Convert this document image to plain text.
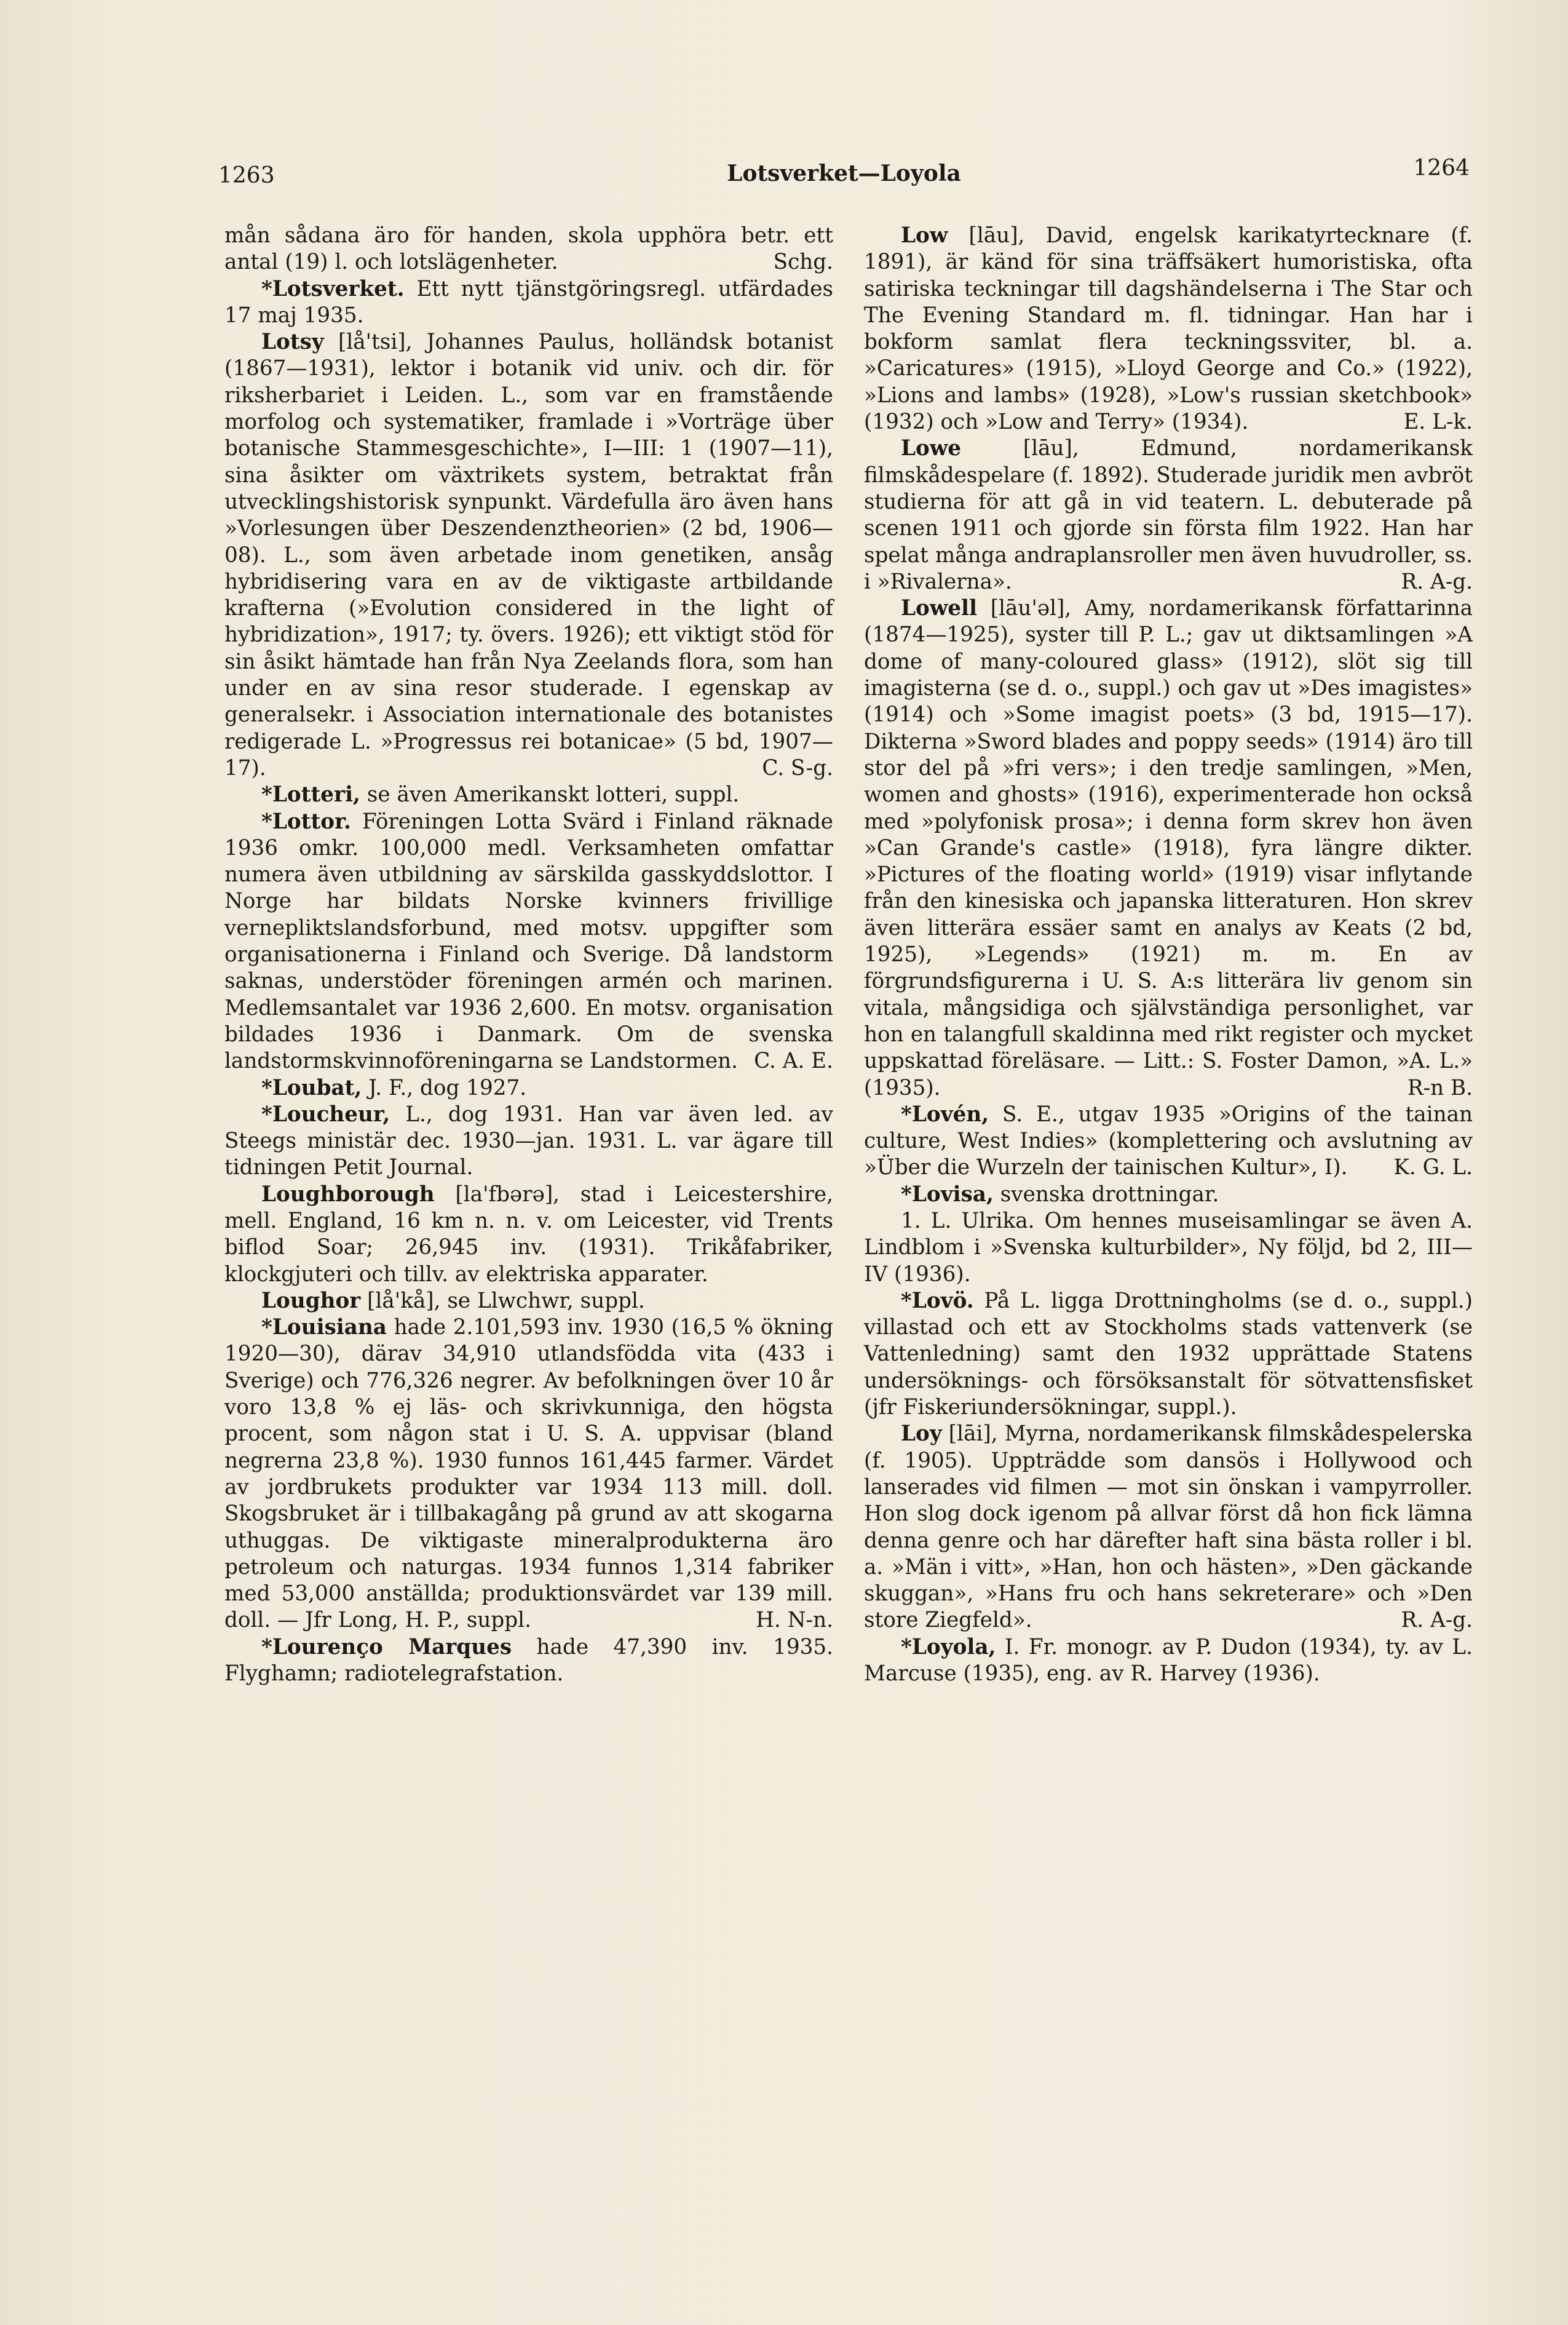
1263	Lotsverket—Loyola	1264

mån sådana äro för handen, skola upphöra betr. ett antal (19) l. och lotslägenheter.	Schg.

*Lotsverket. Ett nytt tjänstgöringsregl. utfärdades 17 maj 1935.

Lotsy [lå'tsi], Johannes Paulus, holländsk botanist (1867—1931), lektor i botanik vid univ. och dir. för riksherbariet i Leiden. L., som var en framstående morfolog och systematiker, framlade i »Vorträge über botanische Stammesgeschichte», I—III: 1 (1907—11), sina åsikter om växtrikets system, betraktat från utvecklingshistorisk synpunkt. Värdefulla äro även hans »Vorlesungen über Deszendenztheorien» (2 bd, 1906—08). L., som även arbetade inom genetiken, ansåg hybridisering vara en av de viktigaste artbildande krafterna (»Evolution considered in the light of hybridization», 1917; ty. övers. 1926); ett viktigt stöd för sin åsikt hämtade han från Nya Zeelands flora, som han under en av sina resor studerade. I egenskap av generalsekr. i Association internationale des botanistes redigerade L. »Progressus rei botanicae» (5 bd, 1907—17).	C. S-g.

*Lotteri, se även Amerikanskt lotteri, suppl.

*Lottor. Föreningen Lotta Svärd i Finland räknade 1936 omkr. 100,000 medl. Verksamheten omfattar numera även utbildning av särskilda gasskyddslottor. I Norge har bildats Norske kvinners frivillige vernepliktslandsforbund, med motsv. uppgifter som organisationerna i Finland och Sverige. Då landstorm saknas, understöder föreningen armén och marinen. Medlemsantalet var 1936 2,600. En motsv. organisation bildades 1936 i Danmark. Om de svenska landstormskvinnoföreningarna se Landstormen. C. A. E.

*Loubat, J. F., dog 1927.

*Loucheur, L., dog 1931. Han var även led. av Steegs ministär dec. 1930—jan. 1931. L. var ägare till tidningen Petit Journal.

Loughborough [la'fbərə], stad i Leicestershire, mell. England, 16 km n. n. v. om Leicester, vid Trents biflod Soar; 26,945 inv. (1931). Trikåfabriker, klockgjuteri och tillv. av elektriska apparater.

Loughor [lå'kå], se Llwchwr, suppl.

*Louisiana hade 2.101,593 inv. 1930 (16,5 % ökning 1920—30), därav 34,910 utlandsfödda vita (433 i Sverige) och 776,326 negrer. Av befolkningen över 10 år voro 13,8 % ej läs- och skrivkunniga, den högsta procent, som någon stat i U. S. A. uppvisar (bland negrerna 23,8 %). 1930 funnos 161,445 farmer. Värdet av jordbrukets produkter var 1934 113 mill. doll. Skogsbruket är i tillbakagång på grund av att skogarna uthuggas. De viktigaste mineralprodukterna äro petroleum och naturgas. 1934 funnos 1,314 fabriker med 53,000 anställda; produktionsvärdet var 139 mill. doll. — Jfr Long, H. P., suppl.	H. N-n.

*Lourenço Marques hade 47,390 inv. 1935. Flyghamn; radiotelegrafstation.

Low [lāu], David, engelsk karikatyrtecknare (f. 1891), är känd för sina träffsäkert humoristiska, ofta satiriska teckningar till dagshändelserna i The Star och The Evening Standard m. fl. tidningar. Han har i bokform samlat flera teckningssviter, bl. a. »Caricatures» (1915), »Lloyd George and Co.» (1922), »Lions and lambs» (1928), »Low's russian sketchbook» (1932) och »Low and Terry» (1934).	E. L-k.

Lowe	[lāu], Edmund, nordamerikansk filmskådespelare (f. 1892). Studerade juridik men avbröt studierna för att gå in vid teatern. L. debuterade på scenen 1911 och gjorde sin första film 1922. Han har spelat många andraplansroller men även huvudroller, ss. i »Rivalerna».	R. A-g.

Lowell [lāu'əl], Amy, nordamerikansk författarinna (1874—1925), syster till P. L.; gav ut diktsamlingen »A dome of many-coloured glass» (1912), slöt sig till imagisterna (se d. o., suppl.) och gav ut »Des imagistes» (1914) och »Some imagist poets» (3 bd, 1915—17). Dikterna »Sword blades and poppy seeds» (1914) äro till stor del på »fri vers»; i den tredje samlingen, »Men, women and ghosts» (1916), experimenterade hon också med »polyfonisk prosa»; i denna form skrev hon även »Can Grande's castle» (1918), fyra längre dikter. »Pictures of the floating world» (1919) visar inflytande från den kinesiska och japanska litteraturen. Hon skrev även litterära essäer samt en analys av Keats (2 bd, 1925), »Legends» (1921) m. m. En av förgrundsfigurerna i U. S. A:s litterära liv genom sin vitala, mångsidiga och självständiga personlighet, var hon en talangfull skaldinna med rikt register och mycket uppskattad föreläsare. — Litt.: S. Foster Damon, »A. L.» (1935).	R-n B.

*Lovén, S. E., utgav 1935 »Origins of the tainan culture, West Indies» (komplettering och avslutning av »Über die Wurzeln der tainischen Kultur», I). K. G. L.

*Lovisa, svenska drottningar.

1. L. Ulrika. Om hennes museisamlingar se även A. Lindblom i »Svenska kulturbilder», Ny följd, bd 2, III—IV (1936).

*Lovö. På L. ligga Drottningholms (se d. o., suppl.) villastad och ett av Stockholms stads vattenverk (se Vattenledning) samt den 1932 upprättade Statens undersöknings- och försöksanstalt för sötvattensfisket (jfr Fiskeriundersökningar, suppl.).

Loy [lāi], Myrna, nordamerikansk filmskådespelerska (f. 1905). Uppträdde som dansös i Hollywood och lanserades vid filmen — mot sin önskan i vampyrroller. Hon slog dock igenom på allvar först då hon fick lämna denna genre och har därefter haft sina bästa roller i bl. a. »Män i vitt», »Han, hon och hästen», »Den gäckande skuggan», »Hans fru och hans sekreterare» och »Den store Ziegfeld».	R. A-g.

*Loyola, I. Fr. monogr. av P. Dudon (1934), ty. av L. Marcuse (1935), eng. av R. Harvey (1936).
